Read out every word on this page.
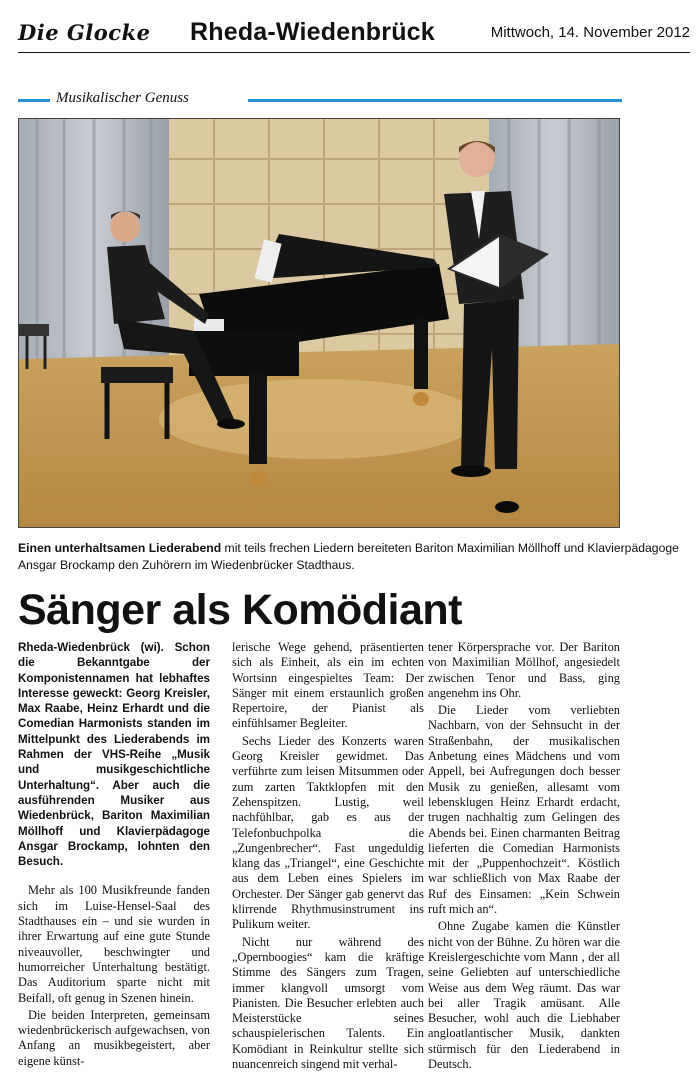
Die Glocke Rheda-Wiedenbrück	Mittwoch, 14. November 2012
Musikalischer Genuss
Einen unterhaltsamen Liederabend mit teils frechen Liedern bereiteten Bariton Maximilian Möllhoff und Klavierpädagoge Ansgar Brockamp den Zuhörern im Wiedenbrücker Stadthaus.
Sänger als Komödiant

Rheda-Wiedenbrück (wi). Schon die Bekanntgabe der Komponistennamen hat lebhaftes Interesse geweckt: Georg Kreisler, Max Raabe, Heinz Erhardt und die Comedian Harmonists standen im Mittelpunkt des Liederabends im Rahmen der VHS-Reihe „Musik und musikgeschichtliche Unterhaltung“. Aber auch die ausführenden Musiker aus Wiedenbrück, Bariton Maximilian Möllhoff und Klavierpädagoge Ansgar Brockamp, lohnten den Besuch.

Mehr als 100 Musikfreunde fanden sich im Luise-Hensel-Saal des Stadthauses ein – und sie wurden in ihrer Erwartung auf eine gute Stunde niveauvoller, beschwingter und humorreicher Unterhaltung bestätigt. Das Auditorium sparte nicht mit Beifall, oft genug in Szenen hinein.

Die beiden Interpreten, gemeinsam wiedenbrückerisch aufgewachsen, von Anfang an musikbegeistert, aber eigene künst-

lerische Wege gehend, präsentierten sich als Einheit, als ein im echten Wortsinn eingespieltes Team: Der Sänger mit einem erstaunlich großen Repertoire, der Pianist als einfühlsamer Begleiter.

Sechs Lieder des Konzerts waren Georg Kreisler gewidmet. Das verführte zum leisen Mitsummen oder zum zarten Taktklopfen mit den Zehenspitzen. Lustig, weil nachfühlbar, gab es aus der Telefonbuchpolka die „Zungenbrecher“. Fast ungeduldig klang das „Triangel“, eine Geschichte aus dem Leben eines Spielers im Orchester. Der Sänger gab genervt das klirrende Rhythmusinstrument ins Pulikum weiter.

Nicht nur während des „Opernboogies“ kam die kräftige Stimme des Sängers zum Tragen, immer klangvoll umsorgt vom Pianisten. Die Besucher erlebten auch Meisterstücke seines schauspielerischen Talents. Ein Komödiant in Reinkultur stellte sich nuancenreich singend mit verhal-

tener Körpersprache vor. Der Bariton von Maximilian Möllhof, angesiedelt zwischen Tenor und Bass, ging angenehm ins Ohr.

Die Lieder vom verliebten Nachbarn, von der Sehnsucht in der Straßenbahn, der musikalischen Anbetung eines Mädchens und vom Appell, bei Aufregungen doch besser Musik zu genießen, allesamt vom lebensklugen Heinz Erhardt erdacht, trugen nachhaltig zum Gelingen des Abends bei. Einen charmanten Beitrag lieferten die Comedian Harmonists mit der „Puppenhochzeit“. Köstlich war schließlich von Max Raabe der Ruf des Einsamen: „Kein Schwein ruft mich an“.

Ohne Zugabe kamen die Künstler nicht von der Bühne. Zu hören war die Kreislergeschichte vom Mann , der all seine Geliebten auf unterschiedliche Weise aus dem Weg räumt. Das war bei aller Tragik amüsant. Alle Besucher, wohl auch die Liebhaber angloatlantischer Musik, dankten stürmisch für den Liederabend in Deutsch.
